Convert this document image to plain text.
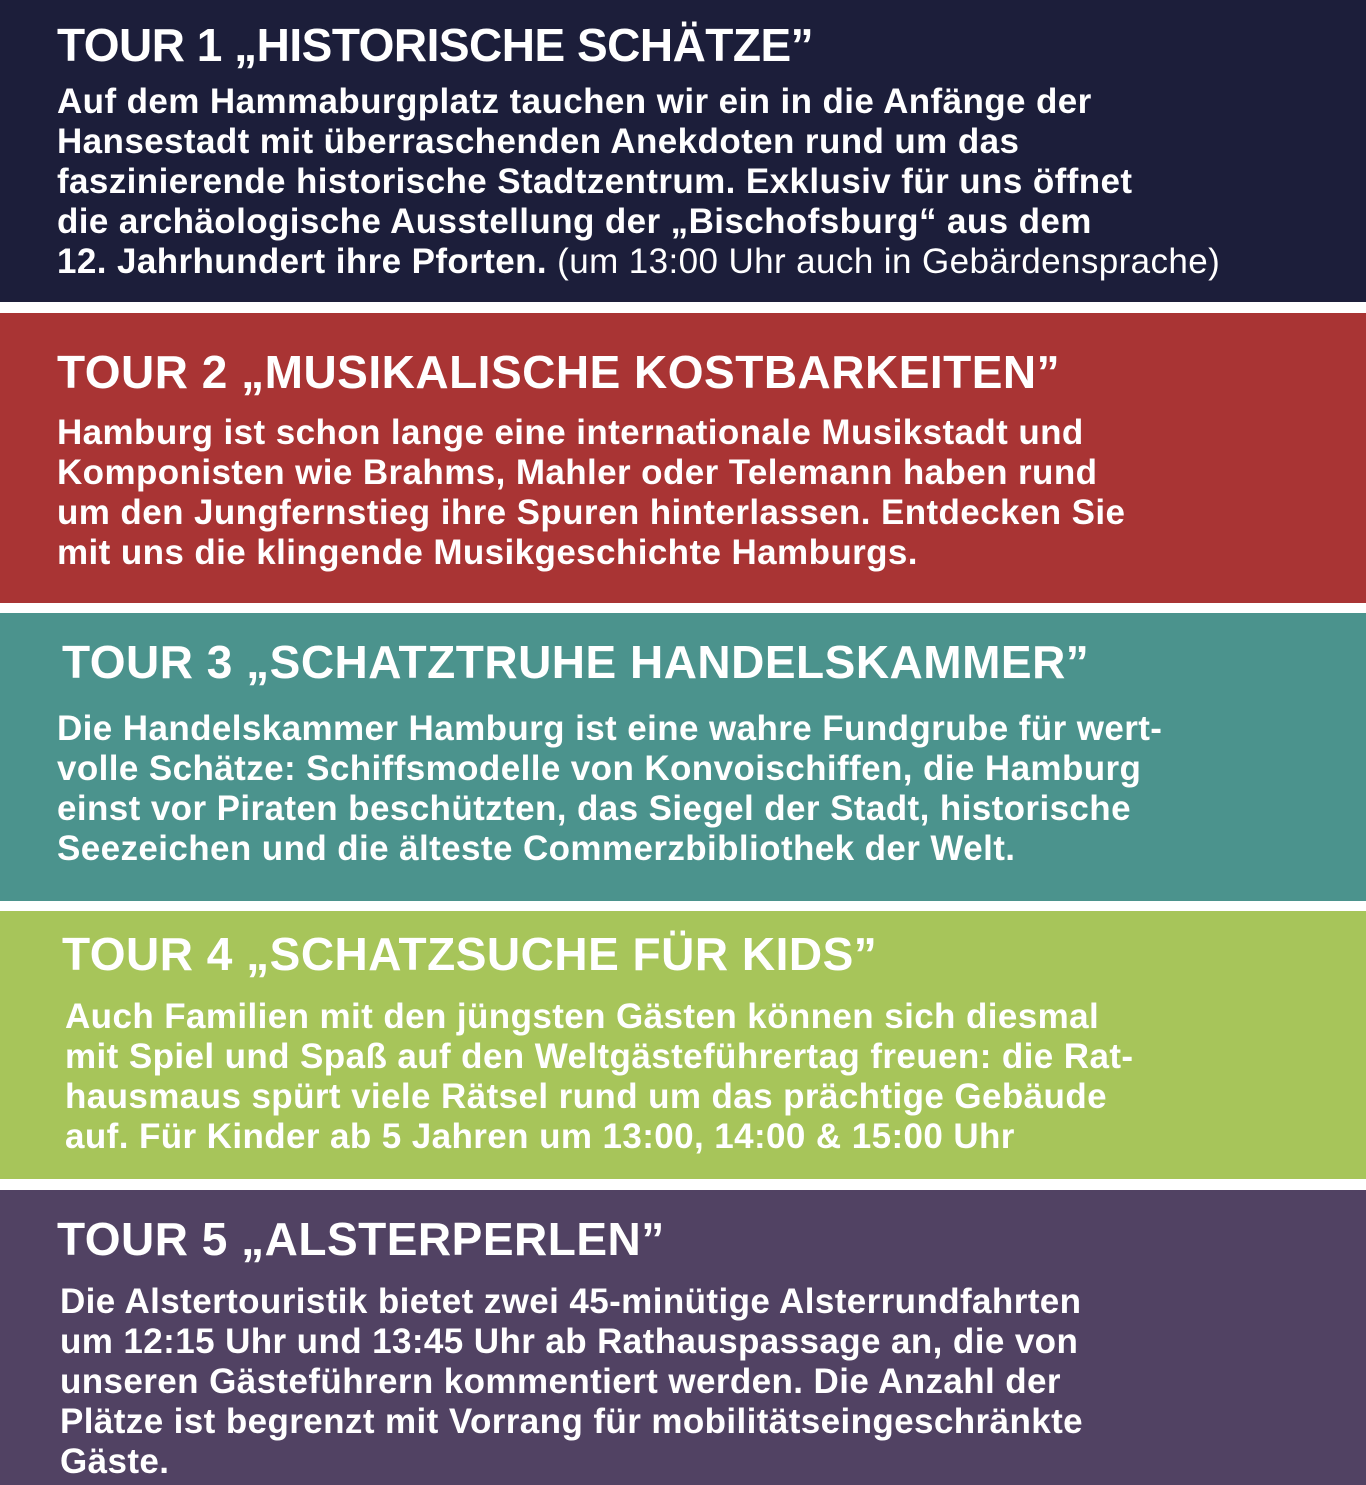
TOUR 1 „HISTORISCHE SCHÄTZE”

Auf dem Hammaburgplatz tauchen wir ein in die Anfänge der
Hansestadt mit überraschenden Anekdoten rund um das
faszinierende historische Stadtzentrum. Exklusiv für uns öffnet
die archäologische Ausstellung der „Bischofsburg“ aus dem
12. Jahrhundert ihre Pforten. (um 13:00 Uhr auch in Gebärdensprache)

TOUR 2 „MUSIKALISCHE KOSTBARKEITEN”

Hamburg ist schon lange eine internationale Musikstadt und
Komponisten wie Brahms, Mahler oder Telemann haben rund
um den Jungfernstieg ihre Spuren hinterlassen. Entdecken Sie
mit uns die klingende Musikgeschichte Hamburgs.

TOUR 3 „SCHATZTRUHE HANDELSKAMMER”

Die Handelskammer Hamburg ist eine wahre Fundgrube für wert-
volle Schätze: Schiffsmodelle von Konvoischiffen, die Hamburg
einst vor Piraten beschützten, das Siegel der Stadt, historische
Seezeichen und die älteste Commerzbibliothek der Welt.

TOUR 4 „SCHATZSUCHE FÜR KIDS”

Auch Familien mit den jüngsten Gästen können sich diesmal
mit Spiel und Spaß auf den Weltgästeführertag freuen: die Rat-
hausmaus spürt viele Rätsel rund um das prächtige Gebäude
auf. Für Kinder ab 5 Jahren um 13:00, 14:00 & 15:00 Uhr

TOUR 5 „ALSTERPERLEN”

Die Alstertouristik bietet zwei 45-minütige Alsterrundfahrten
um 12:15 Uhr und 13:45 Uhr ab Rathauspassage an, die von
unseren Gästeführern kommentiert werden. Die Anzahl der
Plätze ist begrenzt mit Vorrang für mobilitätseingeschränkte
Gäste.
